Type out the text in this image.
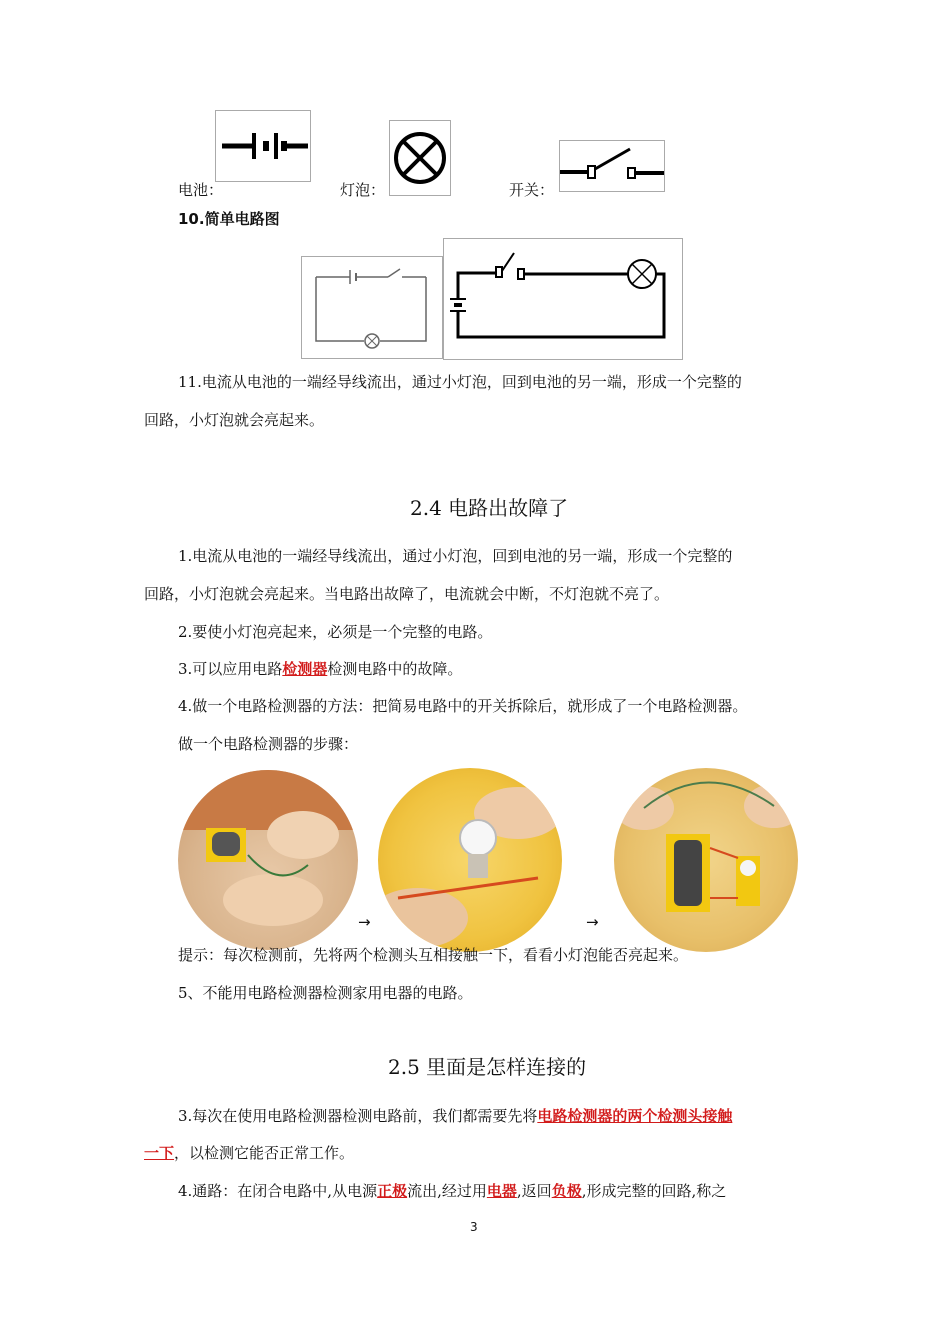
电池：	灯泡：	开关：
10.简单电路图
11.电流从电池的一端经导线流出，通过小灯泡，回到电池的另一端，形成一个完整的
回路，小灯泡就会亮起来。
2.4 电路出故障了
1.电流从电池的一端经导线流出，通过小灯泡，回到电池的另一端，形成一个完整的
回路，小灯泡就会亮起来。当电路出故障了，电流就会中断，不灯泡就不亮了。
2.要使小灯泡亮起来，必须是一个完整的电路。
3.可以应用电路检测器检测电路中的故障。
4.做一个电路检测器的方法：把简易电路中的开关拆除后，就形成了一个电路检测器。
做一个电路检测器的步骤：
→	→
提示：每次检测前，先将两个检测头互相接触一下，看看小灯泡能否亮起来。
5、不能用电路检测器检测家用电器的电路。
2.5 里面是怎样连接的
3.每次在使用电路检测器检测电路前，我们都需要先将电路检测器的两个检测头接触
一下，以检测它能否正常工作。
4.通路：在闭合电路中,从电源正极流出,经过用电器,返回负极,形成完整的回路,称之
3
